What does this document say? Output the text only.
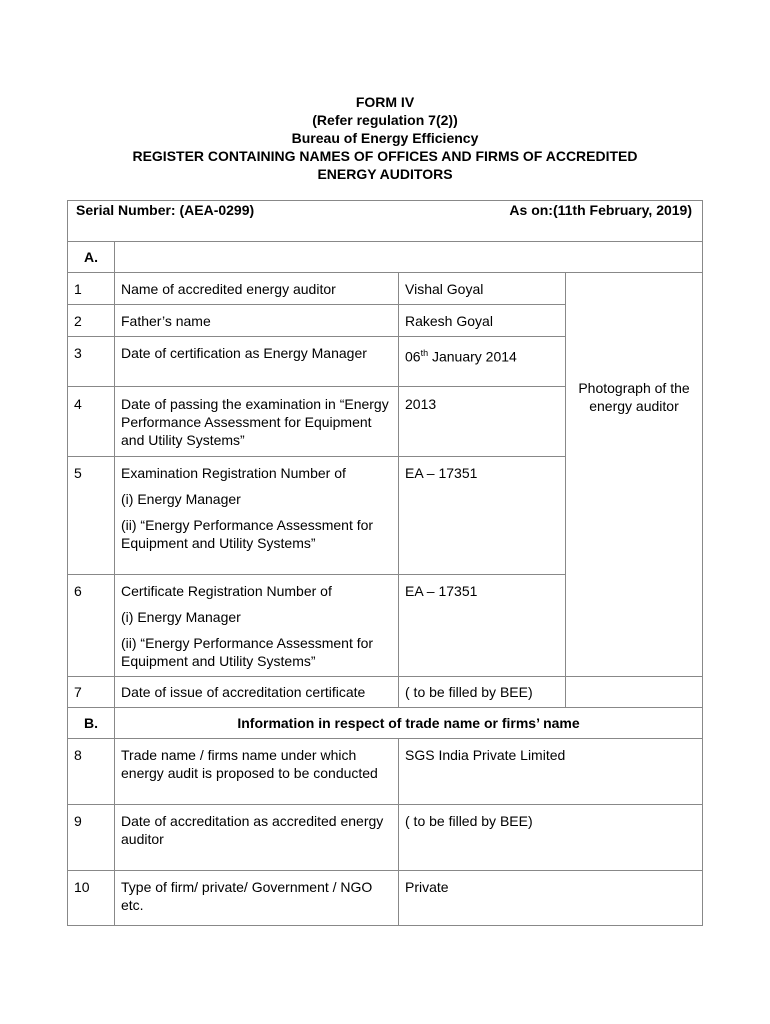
FORM IV
(Refer regulation 7(2))
Bureau of Energy Efficiency
REGISTER CONTAINING NAMES OF OFFICES AND FIRMS OF ACCREDITED
ENERGY AUDITORS
Serial Number: (AEA-0299) As on:(11th February, 2019)			

A.			
1	Name of accredited energy auditor	Vishal Goyal	Photograph of the energy auditor

2	Father’s name	Rakesh Goyal	
3	Date of certification as Energy Manager	06th January 2014	
4	Date of passing the examination in “Energy Performance Assessment for Equipment and Utility Systems”	2013	
5	Examination Registration Number of
(i) Energy Manager
(ii) “Energy Performance Assessment for Equipment and Utility Systems”	EA – 17351	
6	Certificate Registration Number of
(i) Energy Manager
(ii) “Energy Performance Assessment for Equipment and Utility Systems”	EA – 17351	
7	Date of issue of accreditation certificate	( to be filled by BEE)	
B.	Information in respect of trade name or firms’ name		
8	Trade name / firms name under which energy audit is proposed to be conducted	SGS India Private Limited	
9	Date of accreditation as accredited energy auditor	( to be filled by BEE)	
10	Type of firm/ private/ Government / NGO etc.	Private	
